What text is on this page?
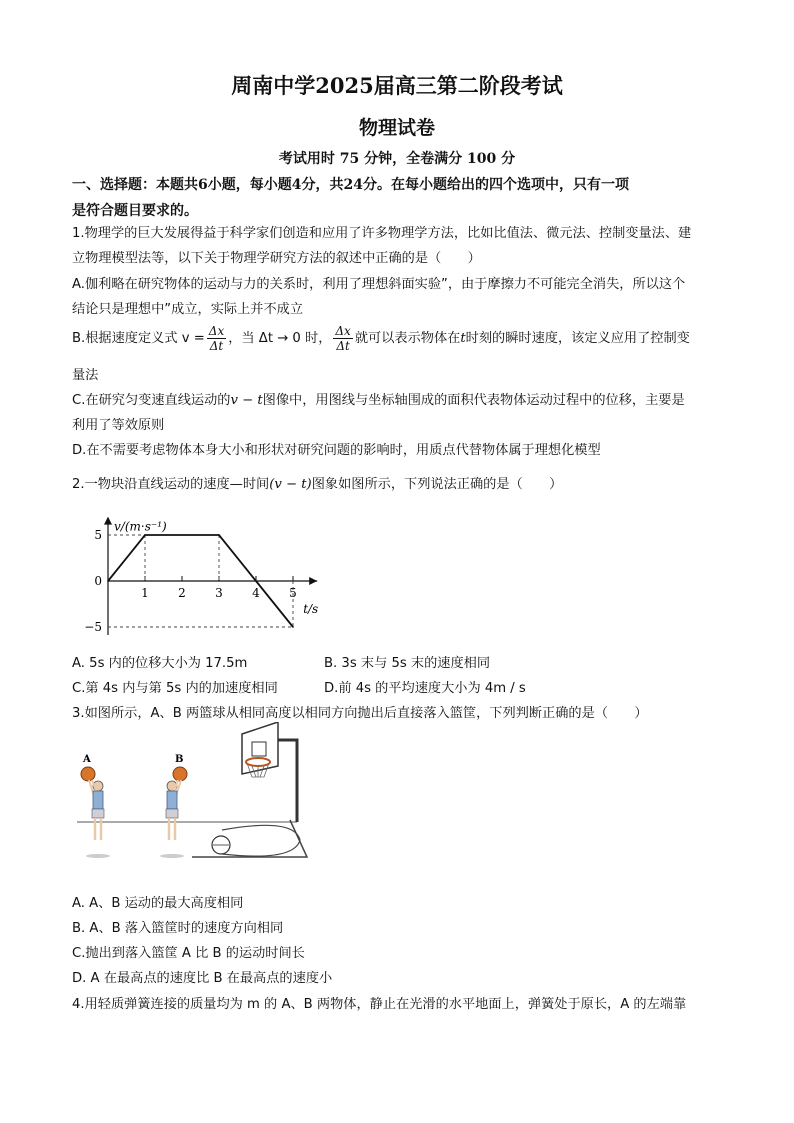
周南中学2025届高三第二阶段考试
物理试卷
考试用时 75 分钟，全卷满分 100 分
一、选择题：本题共6小题，每小题4分，共24分。在每小题给出的四个选项中，只有一项
是符合题目要求的。
1.物理学的巨大发展得益于科学家们创造和应用了许多物理学方法，比如比值法、微元法、控制变量法、建
立物理模型法等，以下关于物理学研究方法的叙述中正确的是（　　）
A.伽利略在研究物体的运动与力的关系时，利用了理想斜面实验”，由于摩擦力不可能完全消失，所以这个
结论只是理想中”成立，实际上并不成立
B.根据速度定义式 $v = \frac{\Delta x}{\Delta t}$ ，当 Δt → 0 时， $\frac{\Delta x}{\Delta t}$ 就可以表示物体在t时刻的瞬时速度，该定义应用了控制变
量法
C.在研究匀变速直线运动的v − t图像中，用图线与坐标轴围成的面积代表物体运动过程中的位移，主要是
利用了等效原则
D.在不需要考虑物体本身大小和形状对研究问题的影响时，用质点代替物体属于理想化模型
2.一物块沿直线运动的速度—时间(v − t)图象如图所示，下列说法正确的是（　　）
v/(m·s⁻¹)
t/s
5
0
−5
1 2 3 4 5
A. 5s 内的位移大小为 17.5m	B. 3s 末与 5s 末的速度相同
C.第 4s 内与第 5s 内的加速度相同	D.前 4s 的平均速度大小为 4m / s
3.如图所示，A、B 两篮球从相同高度以相同方向抛出后直接落入篮筐，下列判断正确的是（　　）
A	B
A. A、B 运动的最大高度相同
B. A、B 落入篮筐时的速度方向相同
C.抛出到落入篮筐 A 比 B 的运动时间长
D. A 在最高点的速度比 B 在最高点的速度小
4.用轻质弹簧连接的质量均为 m 的 A、B 两物体，静止在光滑的水平地面上，弹簧处于原长，A 的左端靠
